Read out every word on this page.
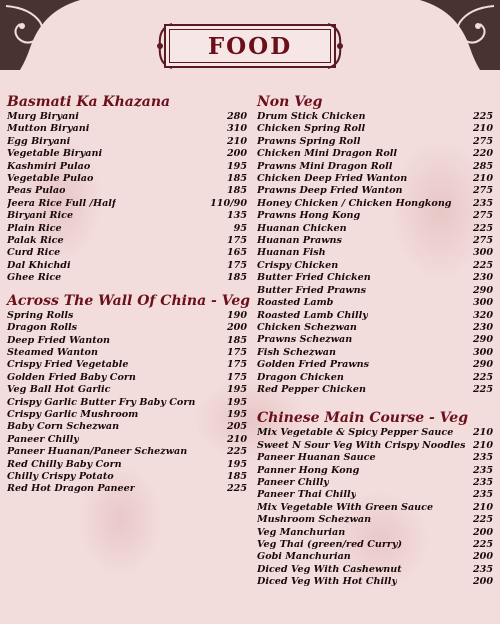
FOOD
Basmati Ka Khazana
Murg Biryani	280
Mutton Biryani	310
Egg Biryani	210
Vegetable Biryani	200
Kashmiri Pulao	195
Vegetable Pulao	185
Peas Pulao	185
Jeera Rice Full /Half	110/90
Biryani Rice	135
Plain Rice	95
Palak Rice	175
Curd Rice	165
Dal Khichdi	175
Ghee Rice	185
Across The Wall Of China - Veg
Spring Rolls	190
Dragon Rolls	200
Deep Fried Wanton	185
Steamed Wanton	175
Crispy Fried Vegetable	175
Golden Fried Baby Corn	175
Veg Ball Hot Garlic	195
Crispy Garlic Butter Fry Baby Corn	195
Crispy Garlic Mushroom	195
Baby Corn Schezwan	205
Paneer Chilly	210
Paneer Huanan/Paneer Schezwan	225
Red Chilly Baby Corn	195
Chilly Crispy Potato	185
Red Hot Dragon Paneer	225
Non Veg
Drum Stick Chicken	225
Chicken Spring Roll	210
Prawns Spring Roll	275
Chicken Mini Dragon Roll	220
Prawns Mini Dragon Roll	285
Chicken Deep Fried Wanton	210
Prawns Deep Fried Wanton	275
Honey Chicken / Chicken Hongkong 235
Prawns Hong Kong	275
Huanan Chicken	225
Huanan Prawns	275
Huanan Fish	300
Crispy Chicken	225
Butter Fried Chicken	230
Butter Fried Prawns	290
Roasted Lamb	300
Roasted Lamb Chilly	320
Chicken Schezwan	230
Prawns Schezwan	290
Fish Schezwan	300
Golden Fried Prawns	290
Dragon Chicken	225
Red Pepper Chicken	225
Chinese Main Course - Veg
Mix Vegetable & Spicy Pepper Sauce 210
Sweet N Sour Veg With Crispy Noodles 210
Paneer Huanan Sauce	235
Panner Hong Kong	235
Paneer Chilly	235
Paneer Thai Chilly	235
Mix Vegetable With Green Sauce	210
Mushroom Schezwan	225
Veg Manchurian	200
Veg Thai (green/red Curry)	225
Gobi Manchurian	200
Diced Veg With Cashewnut	235
Diced Veg With Hot Chilly	200
